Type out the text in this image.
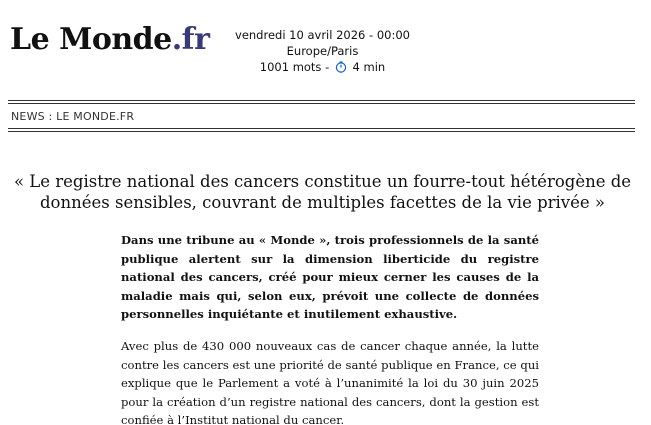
Le Monde.fr	vendredi 10 avril 2026 - 00:00 Europe/Paris
1001 mots - 4 min
NEWS : LE MONDE.FR
« Le registre national des cancers constitue un fourre-tout hétérogène de données sensibles, couvrant de multiples facettes de la vie privée »

Dans une tribune au « Monde », trois professionnels de la santé publique alertent sur la dimension liberticide du registre national des cancers, créé pour mieux cerner les causes de la maladie mais qui, selon eux, prévoit une collecte de données personnelles inquiétante et inutilement exhaustive.

Avec plus de 430 000 nouveaux cas de cancer chaque année, la lutte contre les cancers est une priorité de santé publique en France, ce qui explique que le Parlement a voté à l’unanimité la loi du 30 juin 2025 pour la création d’un registre national des cancers, dont la gestion est confiée à l’Institut national du cancer.
